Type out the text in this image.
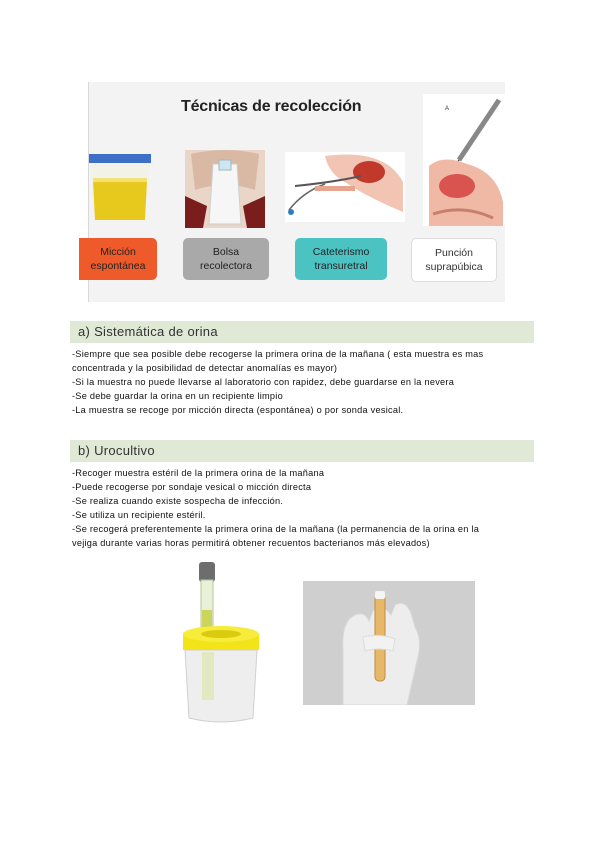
Técnicas de recolección	A
Micción
espontánea
Bolsa
recolectora
Cateterismo
transuretral
Punción
suprapúbica
a) Sistemática de orina
-Siempre que sea posible debe recogerse la primera orina de la mañana ( esta muestra es mas
concentrada y la posibilidad de detectar anomalías es mayor)
-Si la muestra no puede llevarse al laboratorio con rapidez, debe guardarse en la nevera
-Se debe guardar la orina en un recipiente limpio
-La muestra se recoge por micción directa (espontánea) o por sonda vesical.
b) Urocultivo
-Recoger muestra estéril de la primera orina de la mañana
-Puede recogerse por sondaje vesical o micción directa
-Se realiza cuando existe sospecha de infección.
-Se utiliza un recipiente estéril.
-Se recogerá preferentemente la primera orina de la mañana (la permanencia de la orina en la
vejiga durante varias horas permitirá obtener recuentos bacterianos más elevados)
